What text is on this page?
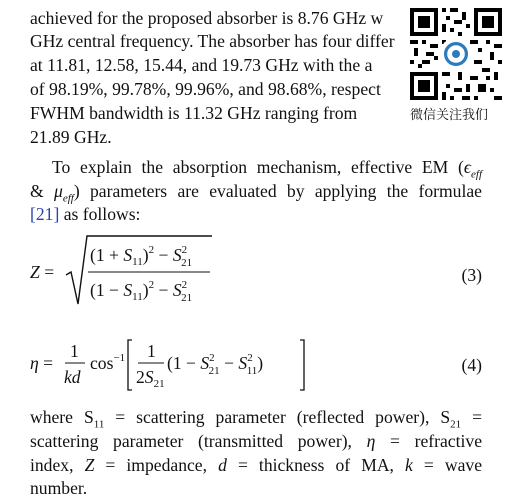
achieved for the proposed absorber is 8.76 GHz w
GHz central frequency. The absorber has four differ
at 11.81, 12.58, 15.44, and 19.73 GHz with the a
of 98.19%, 99.78%, 99.96%, and 98.68%, respect
FWHM bandwidth is 11.32 GHz ranging from
21.89 GHz.
微信关注我们
To explain the absorption mechanism, effective EM ($\epsilon_{eff}$
& $\mu_{eff}$) parameters are evaluated by applying the formulae
[21] as follows:
Z =
$(1 + S_{11})^2 - S^2$ 21
$(1 - S_{11})^2 - S^2$ 21
(3)
η =
1
kd
$\cos^{-1} 1$
$2S_{21}$
($1 - S^2$ $21 - S^2$ 11)	(4)
where $S_{11}$ = scattering parameter (reflected power), $S_{21}$ =
scattering parameter (transmitted power), η = refractive
index, Z = impedance, d = thickness of MA, k = wave
number.
